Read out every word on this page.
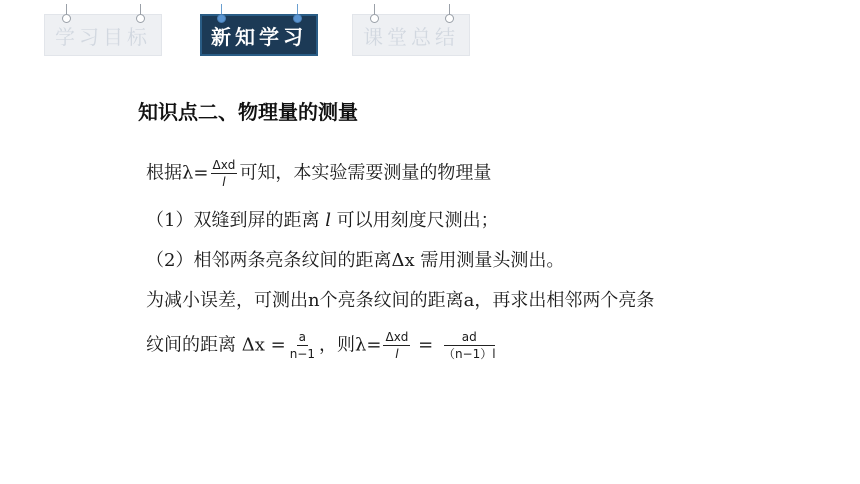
学习目标	新知学习	课堂总结
知识点二、物理量的测量
根据$\lambda= \frac{\text{Δxd}}{l}$ 可知，本实验需要测量的物理量
（1）双缝到屏的距离 l 可以用刻度尺测出；
（2）相邻两条亮条纹间的距离Δx 需用测量头测出。
为减小误差，可测出n个亮条纹间的距离a，再求出相邻两个亮条
纹间的距离 $\Delta x = \frac{a}{n-1}$ ，则$\lambda= \frac{\text{Δxd}}{l} = \frac{ad}{(n-1)l}$
